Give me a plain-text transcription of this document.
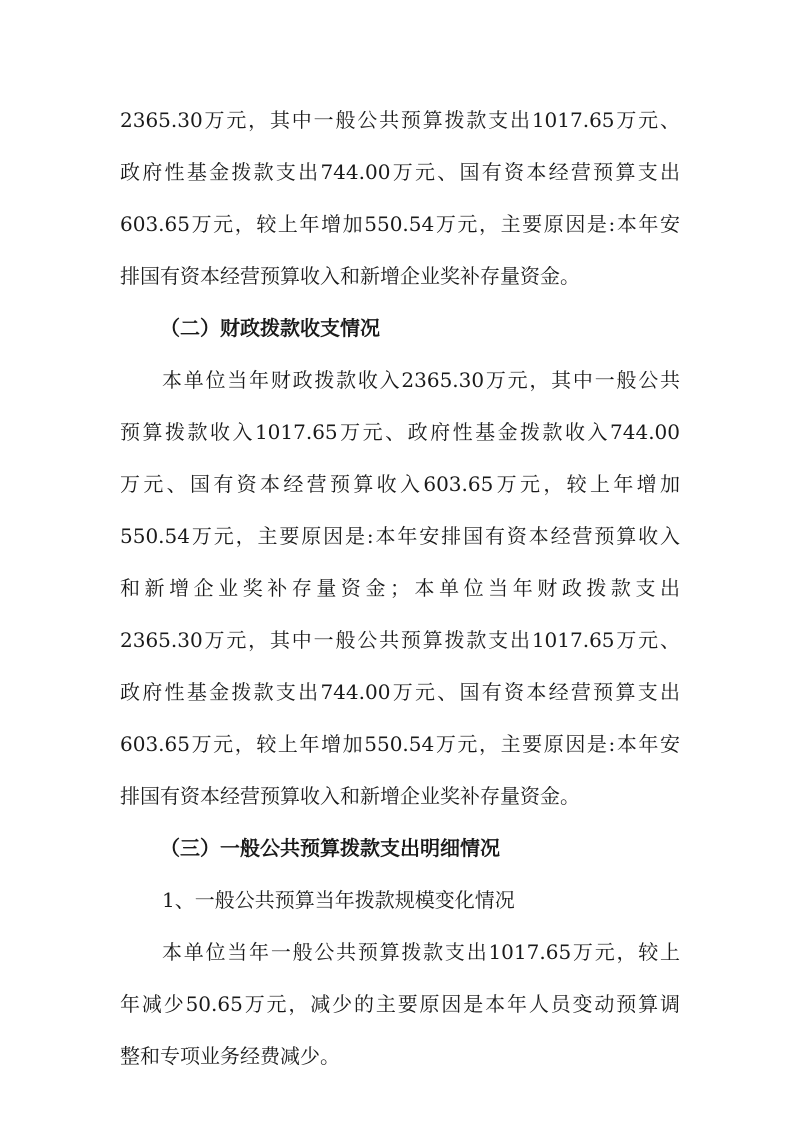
2365.30万元，其中一般公共预算拨款支出1017.65万元、
政府性基金拨款支出744.00万元、国有资本经营预算支出
603.65万元，较上年增加550.54万元，主要原因是:本年安
排国有资本经营预算收入和新增企业奖补存量资金。
（二）财政拨款收支情况
本单位当年财政拨款收入2365.30万元，其中一般公共
预算拨款收入1017.65万元、政府性基金拨款收入744.00
万元、国有资本经营预算收入603.65万元，较上年增加
550.54万元，主要原因是:本年安排国有资本经营预算收入
和新增企业奖补存量资金；本单位当年财政拨款支出
2365.30万元，其中一般公共预算拨款支出1017.65万元、
政府性基金拨款支出744.00万元、国有资本经营预算支出
603.65万元，较上年增加550.54万元，主要原因是:本年安
排国有资本经营预算收入和新增企业奖补存量资金。
（三）一般公共预算拨款支出明细情况
1、一般公共预算当年拨款规模变化情况
本单位当年一般公共预算拨款支出1017.65万元，较上
年减少50.65万元，减少的主要原因是本年人员变动预算调
整和专项业务经费减少。
